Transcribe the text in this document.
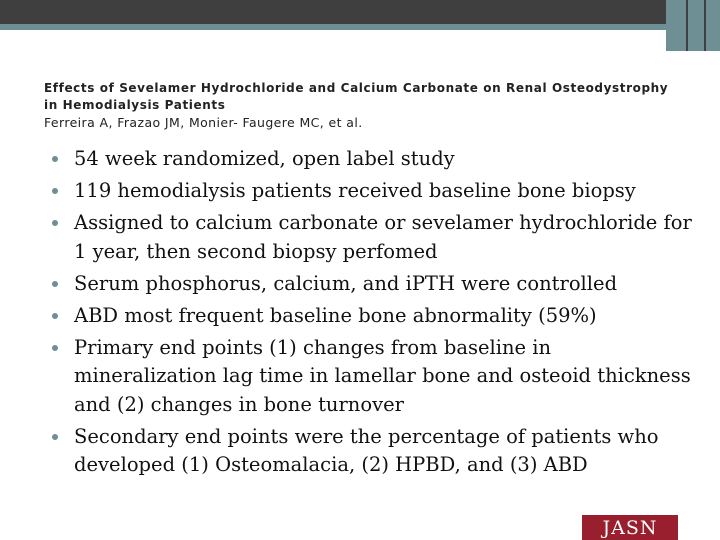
Effects of Sevelamer Hydrochloride and Calcium Carbonate on Renal Osteodystrophy in Hemodialysis Patients

Ferreira A, Frazao JM, Monier- Faugere MC, et al.

54 week randomized, open label study
119 hemodialysis patients received baseline bone biopsy
Assigned to calcium carbonate or sevelamer hydrochloride for 1 year, then second biopsy perfomed
Serum phosphorus, calcium, and iPTH were controlled
ABD most frequent baseline bone abnormality (59%)
Primary end points (1) changes from baseline in mineralization lag time in lamellar bone and osteoid thickness and (2) changes in bone turnover
Secondary end points were the percentage of patients who developed (1) Osteomalacia, (2) HPBD, and (3) ABD
JASN
